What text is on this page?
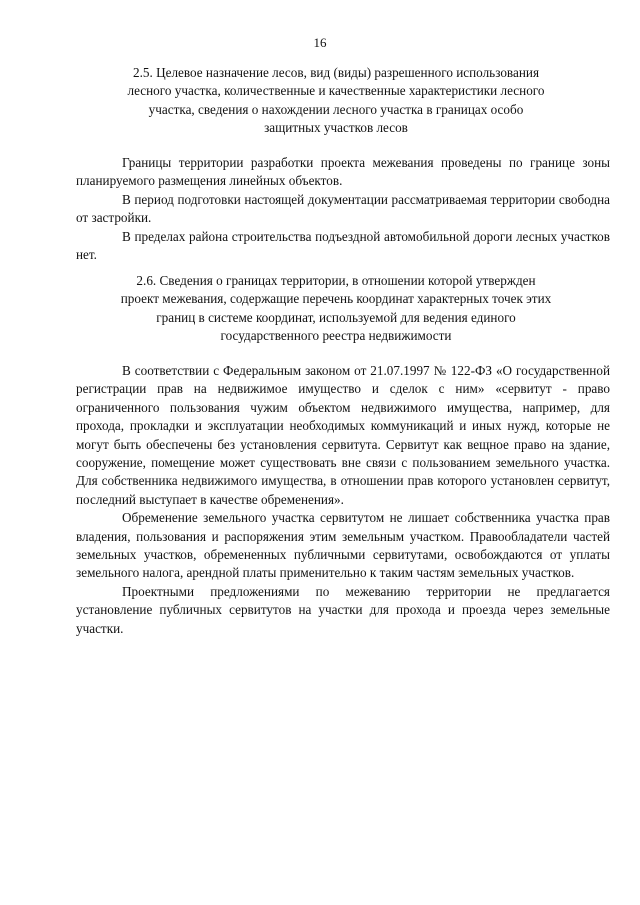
16
2.5. Целевое назначение лесов, вид (виды) разрешенного использования
лесного участка, количественные и качественные характеристики лесного
участка, сведения о нахождении лесного участка в границах особо
защитных участков лесов

Границы территории разработки проекта межевания проведены по границе зоны планируемого размещения линейных объектов.

В период подготовки настоящей документации рассматриваемая территории свободна от застройки.

В пределах района строительства подъездной автомобильной дороги лесных участков нет.

2.6. Сведения о границах территории, в отношении которой утвержден
проект межевания, содержащие перечень координат характерных точек этих
границ в системе координат, используемой для ведения единого
государственного реестра недвижимости

В соответствии с Федеральным законом от 21.07.1997 № 122-ФЗ «О государственной регистрации прав на недвижимое имущество и сделок с ним» «сервитут - право ограниченного пользования чужим объектом недвижимого имущества, например, для прохода, прокладки и эксплуатации необходимых коммуникаций и иных нужд, которые не могут быть обеспечены без установления сервитута. Сервитут как вещное право на здание, сооружение, помещение может существовать вне связи с пользованием земельного участка. Для собственника недвижимого имущества, в отношении прав которого установлен сервитут, последний выступает в качестве обременения».

Обременение земельного участка сервитутом не лишает собственника участка прав владения, пользования и распоряжения этим земельным участком. Правообладатели частей земельных участков, обремененных публичными сервитутами, освобождаются от уплаты земельного налога, арендной платы применительно к таким частям земельных участков.

Проектными предложениями по межеванию территории не предлагается установление публичных сервитутов на участки для прохода и проезда через земельные участки.
